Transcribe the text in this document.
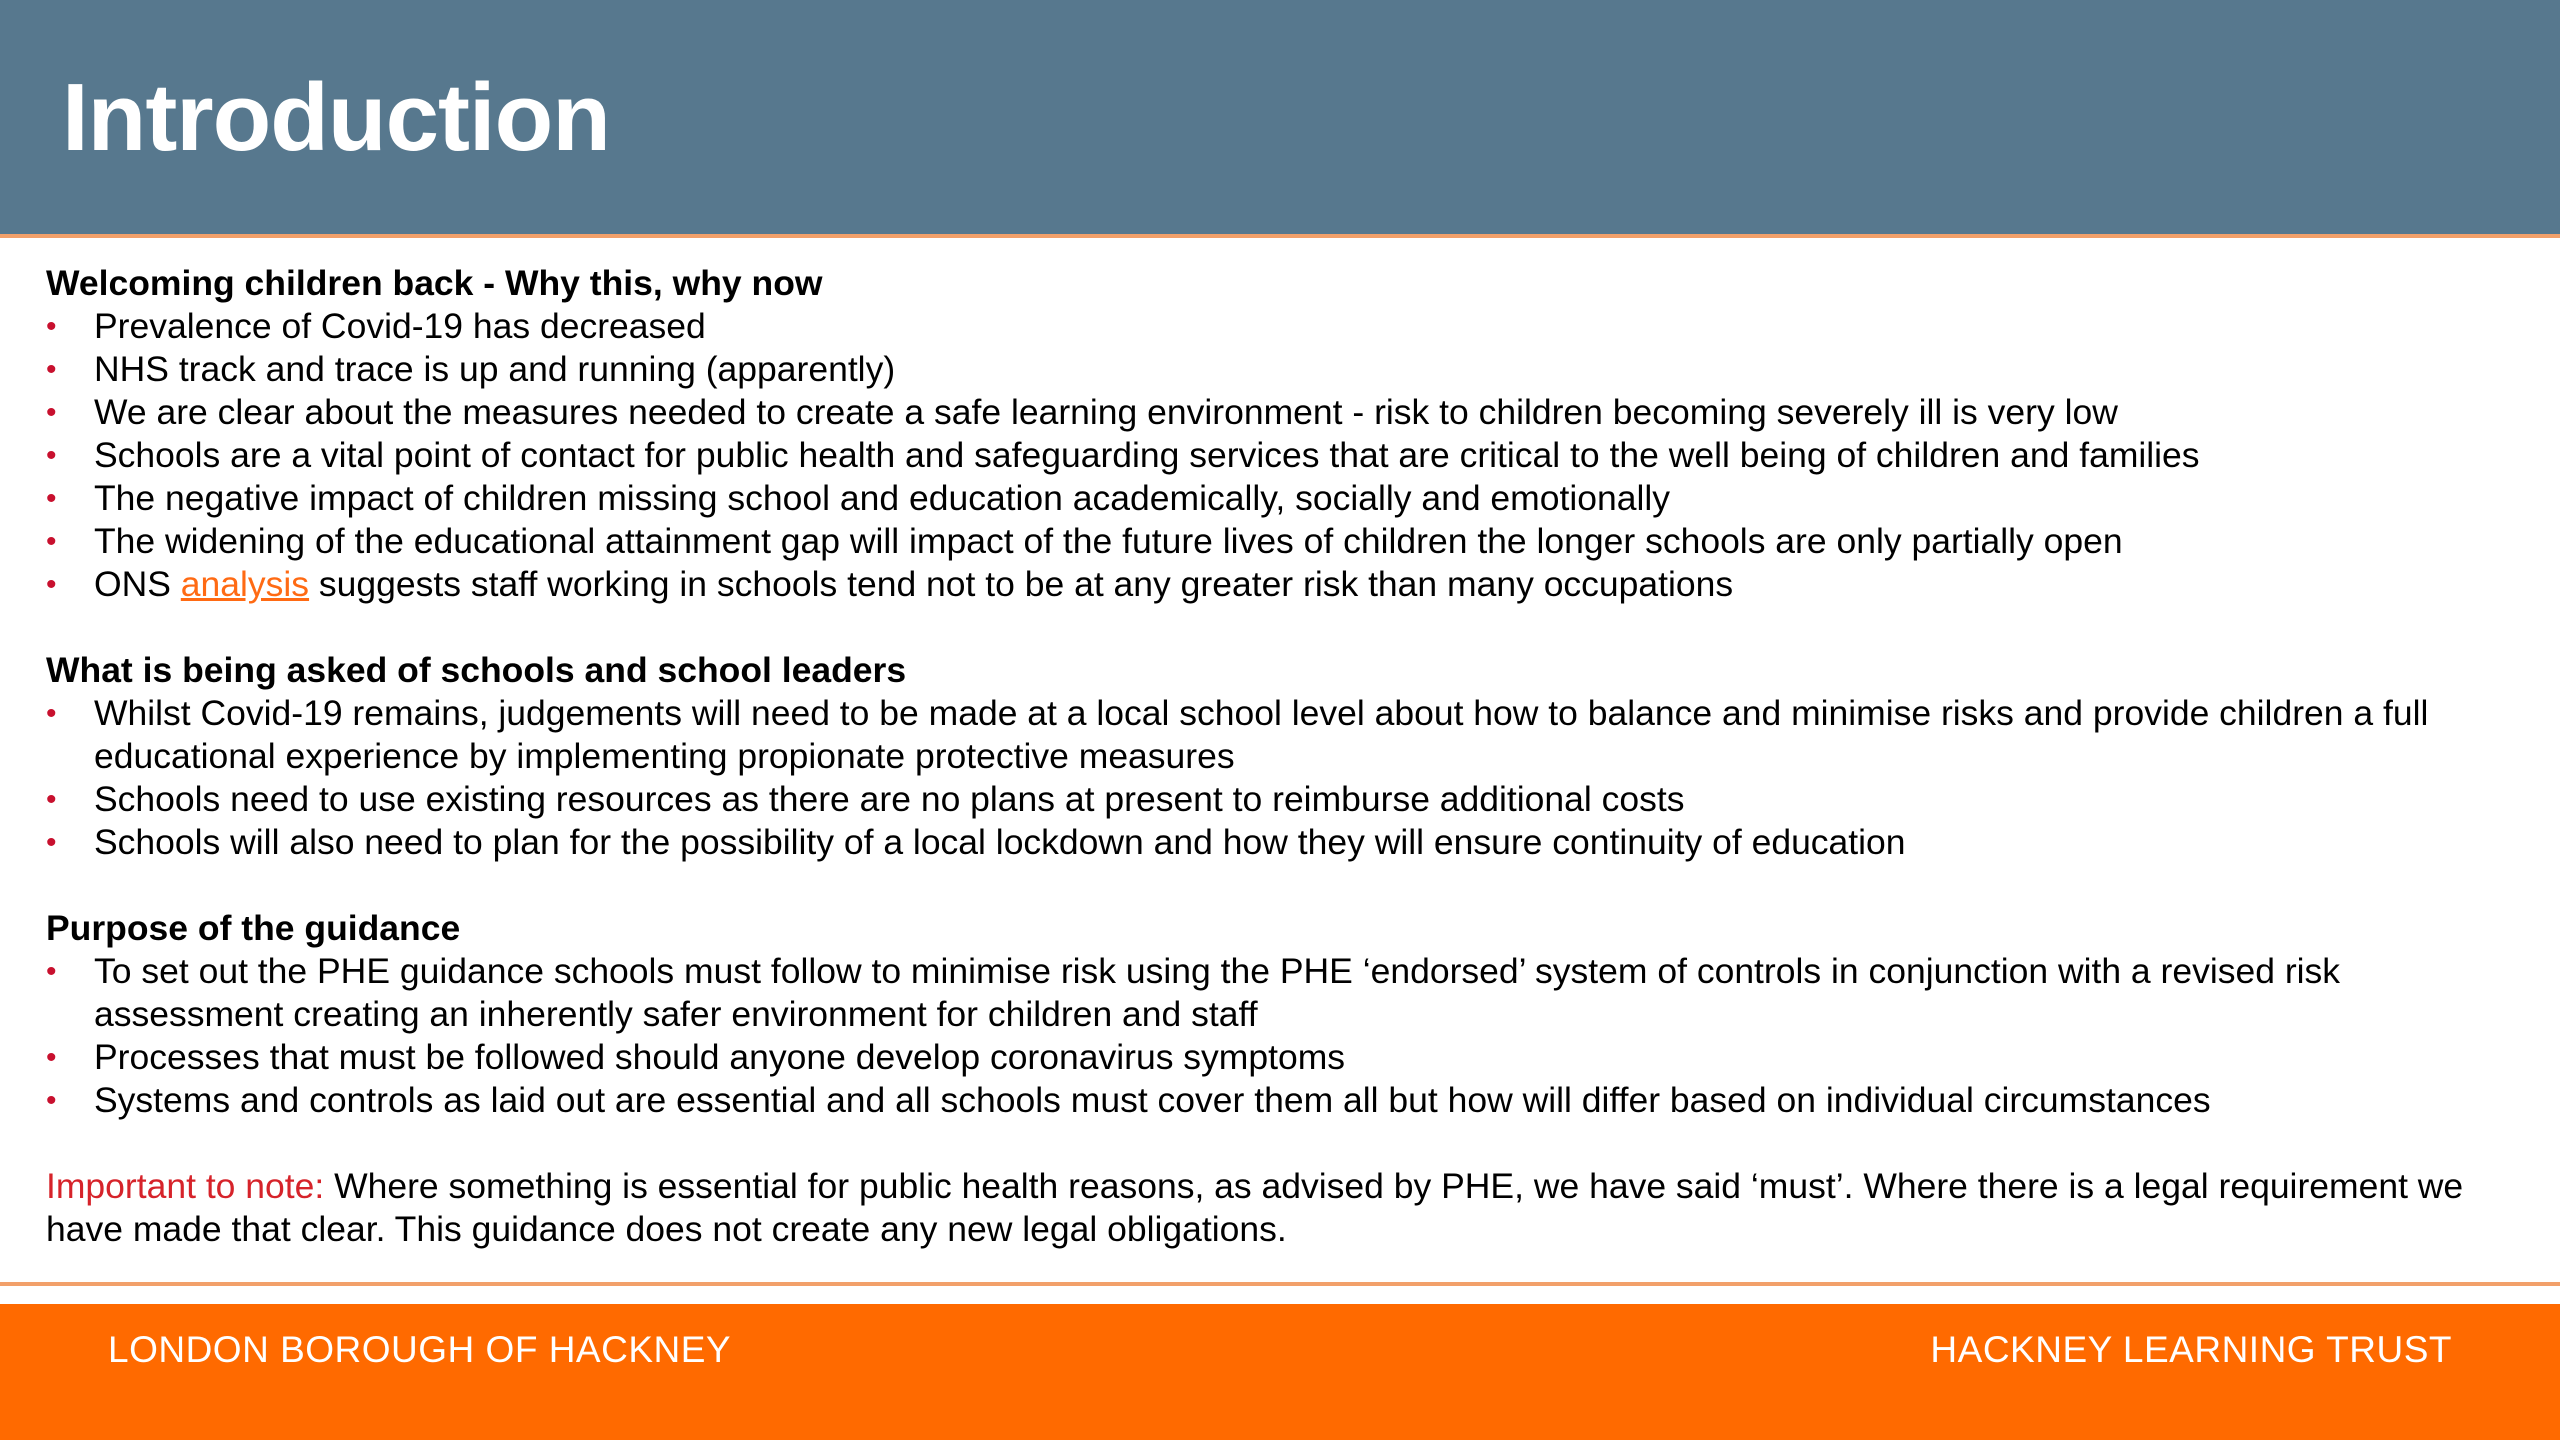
Introduction

Welcoming children back - Why this, why now

• Prevalence of Covid-19 has decreased
• NHS track and trace is up and running (apparently)
• We are clear about the measures needed to create a safe learning environment - risk to children becoming severely ill is very low
• Schools are a vital point of contact for public health and safeguarding services that are critical to the well being of children and families
• The negative impact of children missing school and education academically, socially and emotionally
• The widening of the educational attainment gap will impact of the future lives of children the longer schools are only partially open
• ONS analysis suggests staff working in schools tend not to be at any greater risk than many occupations

What is being asked of schools and school leaders

• Whilst Covid-19 remains, judgements will need to be made at a local school level about how to balance and minimise risks and provide children a full educational experience by implementing propionate protective measures
• Schools need to use existing resources as there are no plans at present to reimburse additional costs
• Schools will also need to plan for the possibility of a local lockdown and how they will ensure continuity of education

Purpose of the guidance

• To set out the PHE guidance schools must follow to minimise risk using the PHE ‘endorsed’ system of controls in conjunction with a revised risk assessment creating an inherently safer environment for children and staff
• Processes that must be followed should anyone develop coronavirus symptoms
• Systems and controls as laid out are essential and all schools must cover them all but how will differ based on individual circumstances

Important to note: Where something is essential for public health reasons, as advised by PHE, we have said ‘must’. Where there is a legal requirement we have made that clear. This guidance does not create any new legal obligations.

LONDON BOROUGH OF HACKNEY	HACKNEY LEARNING TRUST
